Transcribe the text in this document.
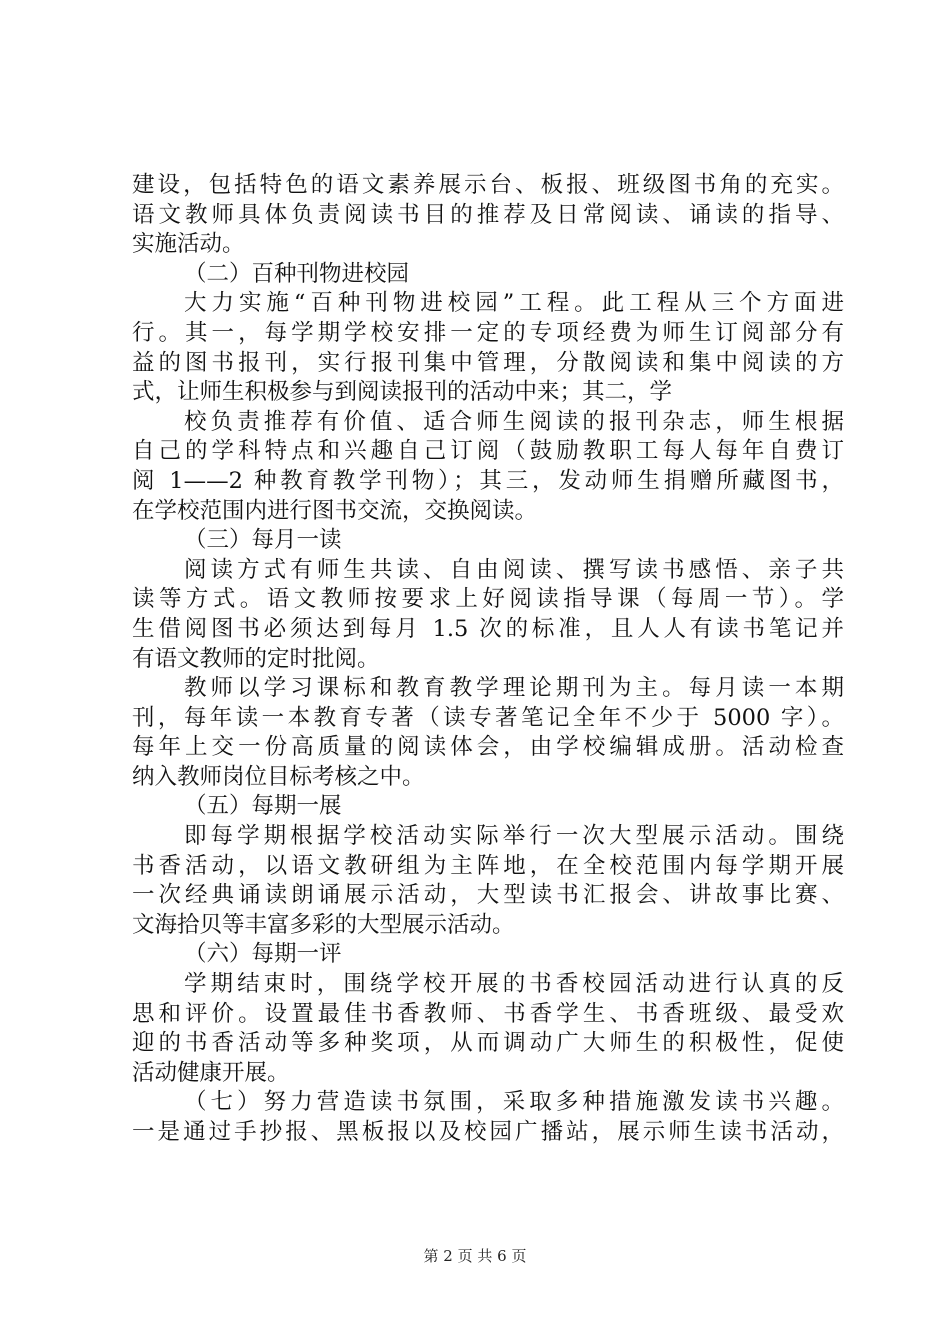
建设，包括特色的语文素养展示台、板报、班级图书角的充实。
语文教师具体负责阅读书目的推荐及日常阅读、诵读的指导、
实施活动。
（二）百种刊物进校园
大力实施“百种刊物进校园”工程。此工程从三个方面进
行。其一，每学期学校安排一定的专项经费为师生订阅部分有
益的图书报刊，实行报刊集中管理，分散阅读和集中阅读的方
式，让师生积极参与到阅读报刊的活动中来；其二，学
校负责推荐有价值、适合师生阅读的报刊杂志，师生根据
自己的学科特点和兴趣自己订阅（鼓励教职工每人每年自费订
阅 1——2 种教育教学刊物）；其三，发动师生捐赠所藏图书，
在学校范围内进行图书交流，交换阅读。
（三）每月一读
阅读方式有师生共读、自由阅读、撰写读书感悟、亲子共
读等方式。语文教师按要求上好阅读指导课（每周一节）。学
生借阅图书必须达到每月 1.5 次的标准，且人人有读书笔记并
有语文教师的定时批阅。
教师以学习课标和教育教学理论期刊为主。每月读一本期
刊，每年读一本教育专著（读专著笔记全年不少于 5000 字）。
每年上交一份高质量的阅读体会，由学校编辑成册。活动检查
纳入教师岗位目标考核之中。
（五）每期一展
即每学期根据学校活动实际举行一次大型展示活动。围绕
书香活动，以语文教研组为主阵地，在全校范围内每学期开展
一次经典诵读朗诵展示活动，大型读书汇报会、讲故事比赛、
文海拾贝等丰富多彩的大型展示活动。
（六）每期一评
学期结束时，围绕学校开展的书香校园活动进行认真的反
思和评价。设置最佳书香教师、书香学生、书香班级、最受欢
迎的书香活动等多种奖项，从而调动广大师生的积极性，促使
活动健康开展。
（七）努力营造读书氛围，采取多种措施激发读书兴趣。
一是通过手抄报、黑板报以及校园广播站，展示师生读书活动，
第 2 页 共 6 页
